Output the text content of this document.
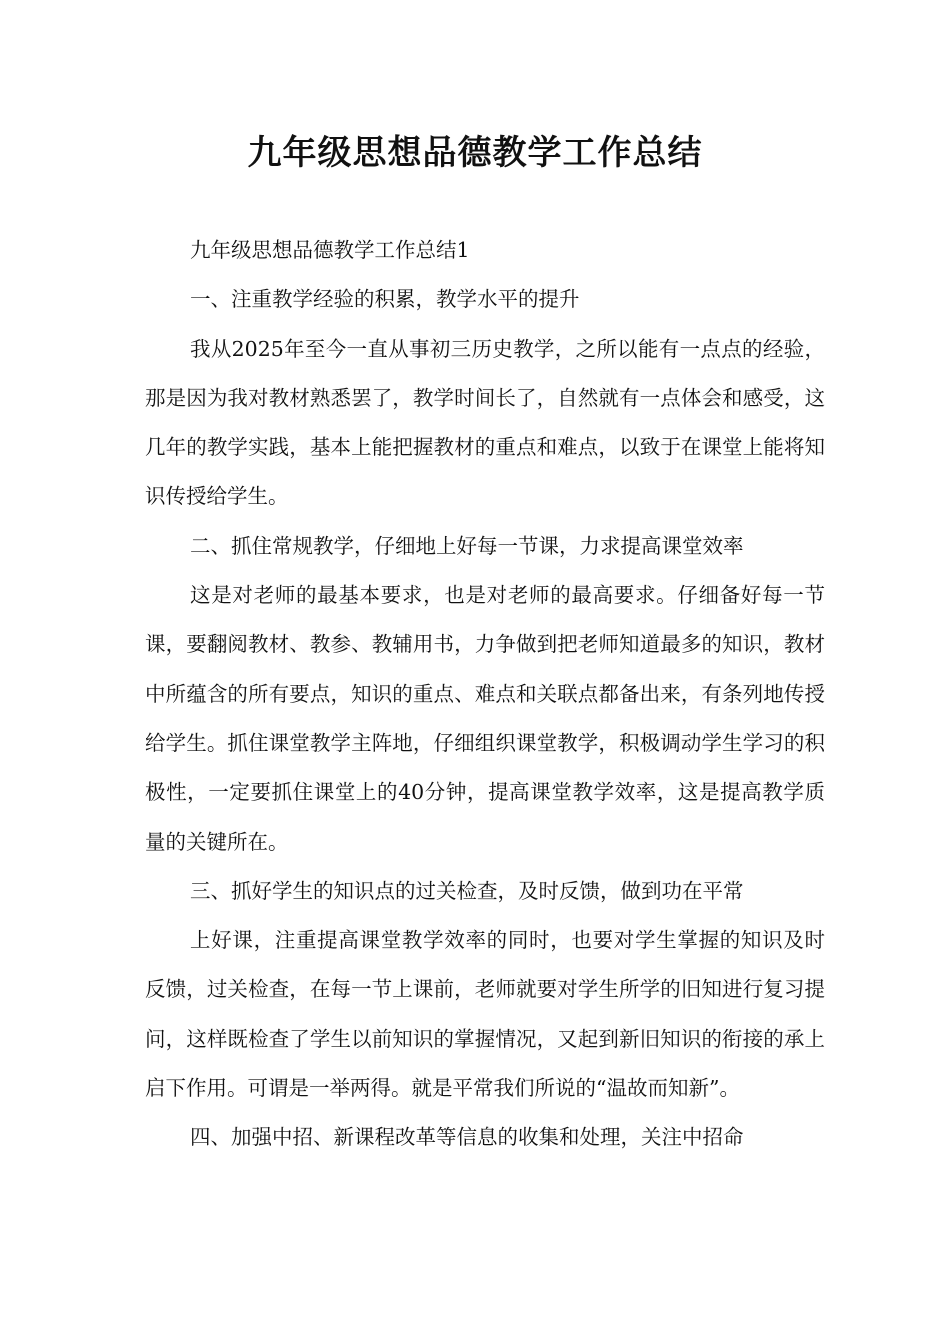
九年级思想品德教学工作总结

九年级思想品德教学工作总结1

一、注重教学经验的积累，教学水平的提升

我从2025年至今一直从事初三历史教学，之所以能有一点点的经验，那是因为我对教材熟悉罢了，教学时间长了，自然就有一点体会和感受，这几年的教学实践，基本上能把握教材的重点和难点，以致于在课堂上能将知识传授给学生。

二、抓住常规教学，仔细地上好每一节课，力求提高课堂效率

这是对老师的最基本要求，也是对老师的最高要求。仔细备好每一节课，要翻阅教材、教参、教辅用书，力争做到把老师知道最多的知识，教材中所蕴含的所有要点，知识的重点、难点和关联点都备出来，有条列地传授给学生。抓住课堂教学主阵地，仔细组织课堂教学，积极调动学生学习的积极性，一定要抓住课堂上的40分钟，提高课堂教学效率，这是提高教学质量的关键所在。

三、抓好学生的知识点的过关检查，及时反馈，做到功在平常

上好课，注重提高课堂教学效率的同时，也要对学生掌握的知识及时反馈，过关检查，在每一节上课前，老师就要对学生所学的旧知进行复习提问，这样既检查了学生以前知识的掌握情况，又起到新旧知识的衔接的承上启下作用。可谓是一举两得。就是平常我们所说的“温故而知新”。

四、加强中招、新课程改革等信息的收集和处理，关注中招命
